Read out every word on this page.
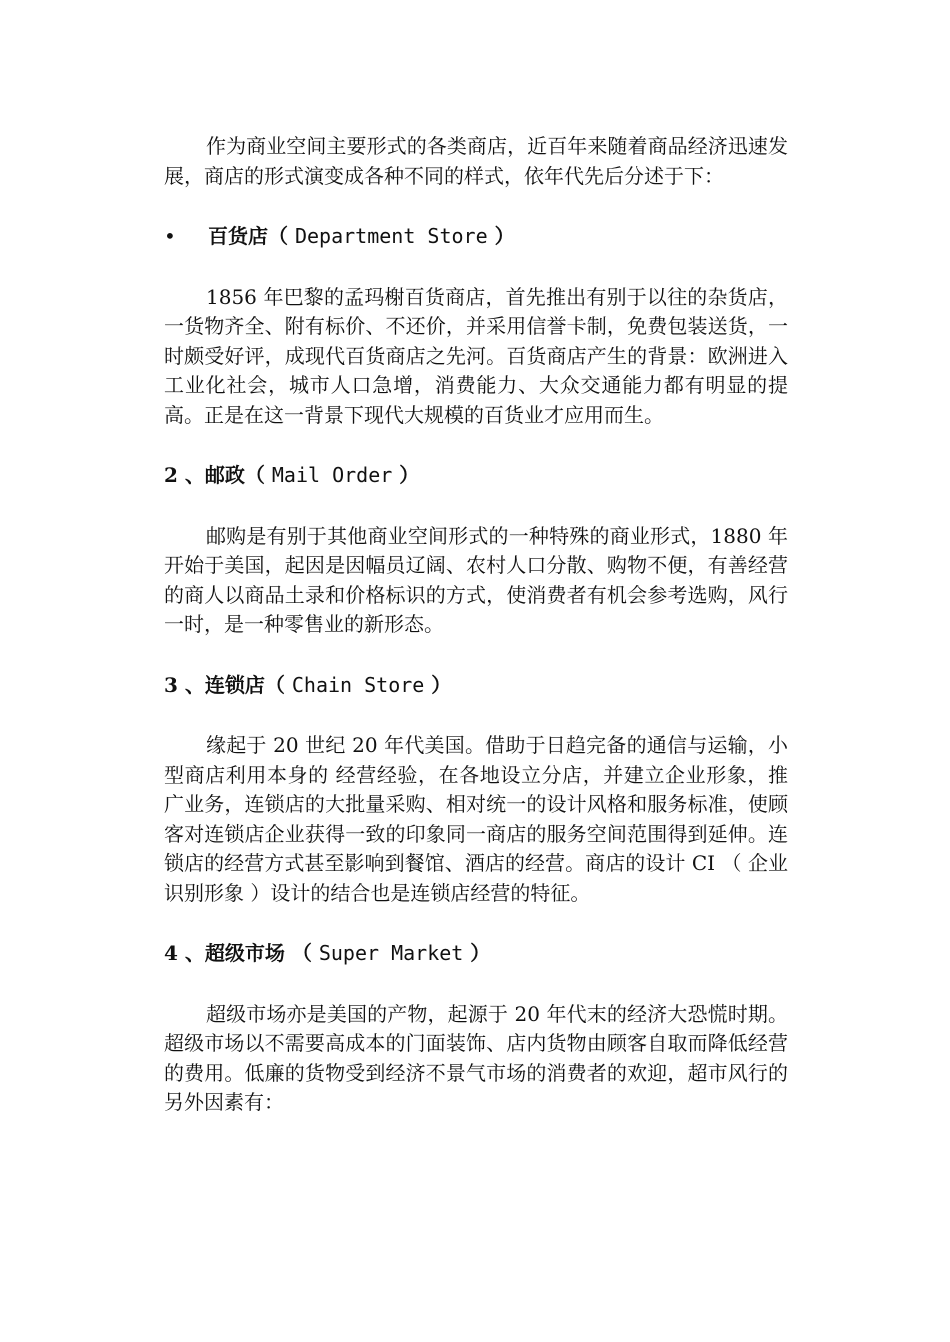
作为商业空间主要形式的各类商店，近百年来随着商品经济迅速发展，商店的形式演变成各种不同的样式，依年代先后分述于下：

• 百货店（ Department Store ）

1856 年巴黎的孟玛榭百货商店，首先推出有别于以往的杂货店，一货物齐全、附有标价、不还价，并采用信誉卡制，免费包装送货，一时颇受好评，成现代百货商店之先河。百货商店产生的背景：欧洲进入工业化社会，城市人口急增，消费能力、大众交通能力都有明显的提高。正是在这一背景下现代大规模的百货业才应用而生。

2 、邮政（ Mail Order ）

邮购是有别于其他商业空间形式的一种特殊的商业形式，1880 年开始于美国，起因是因幅员辽阔、农村人口分散、购物不便，有善经营的商人以商品土录和价格标识的方式，使消费者有机会参考选购，风行一时，是一种零售业的新形态。

3 、连锁店（ Chain Store ）

缘起于 20 世纪 20 年代美国。借助于日趋完备的通信与运输，小型商店利用本身的 经营经验，在各地设立分店，并建立企业形象，推广业务，连锁店的大批量采购、相对统一的设计风格和服务标准，使顾客对连锁店企业获得一致的印象同一商店的服务空间范围得到延伸。连锁店的经营方式甚至影响到餐馆、酒店的经营。商店的设计 CI （ 企业识别形象 ）设计的结合也是连锁店经营的特征。

4 、超级市场 （ Super Market ）

超级市场亦是美国的产物，起源于 20 年代末的经济大恐慌时期。超级市场以不需要高成本的门面装饰、店内货物由顾客自取而降低经营的费用。低廉的货物受到经济不景气市场的消费者的欢迎，超市风行的另外因素有：
